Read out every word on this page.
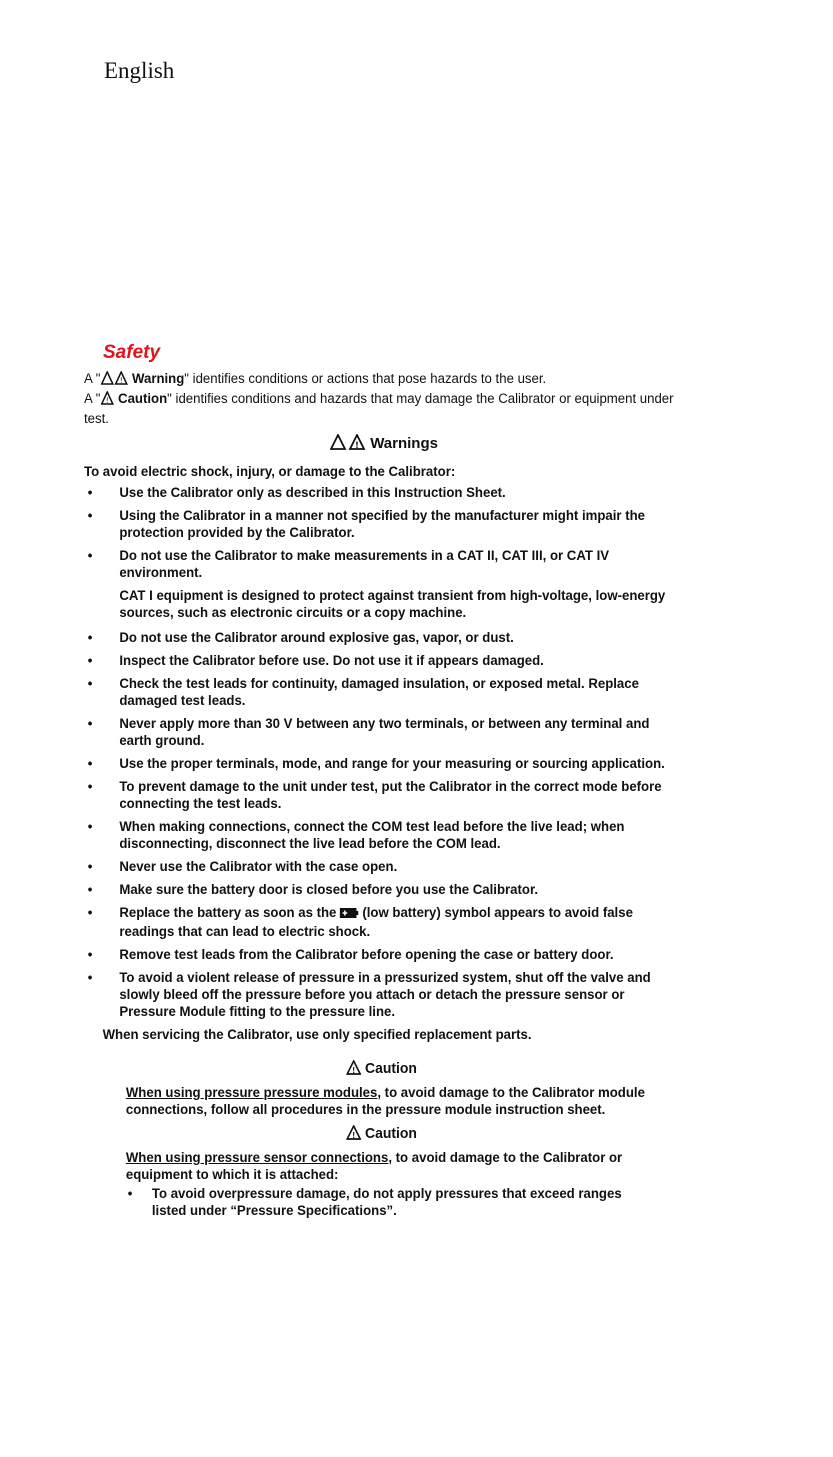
English
Safety

A " ! Warning" identifies conditions or actions that pose hazards to the user.

A " ! Caution" identifies conditions and hazards that may damage the Calibrator or equipment under test.

! Warnings
To avoid electric shock, injury, or damage to the Calibrator:
• Use the Calibrator only as described in this Instruction Sheet.
• Using the Calibrator in a manner not specified by the manufacturer might impair the protection provided by the Calibrator.
• Do not use the Calibrator to make measurements in a CAT II, CAT III, or CAT IV environment.
CAT I equipment is designed to protect against transient from high-voltage, low-energy sources, such as electronic circuits or a copy machine.
• Do not use the Calibrator around explosive gas, vapor, or dust.
• Inspect the Calibrator before use. Do not use it if appears damaged.
• Check the test leads for continuity, damaged insulation, or exposed metal. Replace damaged test leads.
• Never apply more than 30 V between any two terminals, or between any terminal and earth ground.
• Use the proper terminals, mode, and range for your measuring or sourcing application.
• To prevent damage to the unit under test, put the Calibrator in the correct mode before connecting the test leads.
• When making connections, connect the COM test lead before the live lead; when disconnecting, disconnect the live lead before the COM lead.
• Never use the Calibrator with the case open.
• Make sure the battery door is closed before you use the Calibrator.
• Replace the battery as soon as the (low battery) symbol appears to avoid false readings that can lead to electric shock.
• Remove test leads from the Calibrator before opening the case or battery door.
• To avoid a violent release of pressure in a pressurized system, shut off the valve and slowly bleed off the pressure before you attach or detach the pressure sensor or Pressure Module fitting to the pressure line.
When servicing the Calibrator, use only specified replacement parts.
! Caution
When using pressure pressure modules, to avoid damage to the Calibrator module connections, follow all procedures in the pressure module instruction sheet.
! Caution
When using pressure sensor connections, to avoid damage to the Calibrator or equipment to which it is attached:
• To avoid overpressure damage, do not apply pressures that exceed ranges listed under “Pressure Specifications”.
